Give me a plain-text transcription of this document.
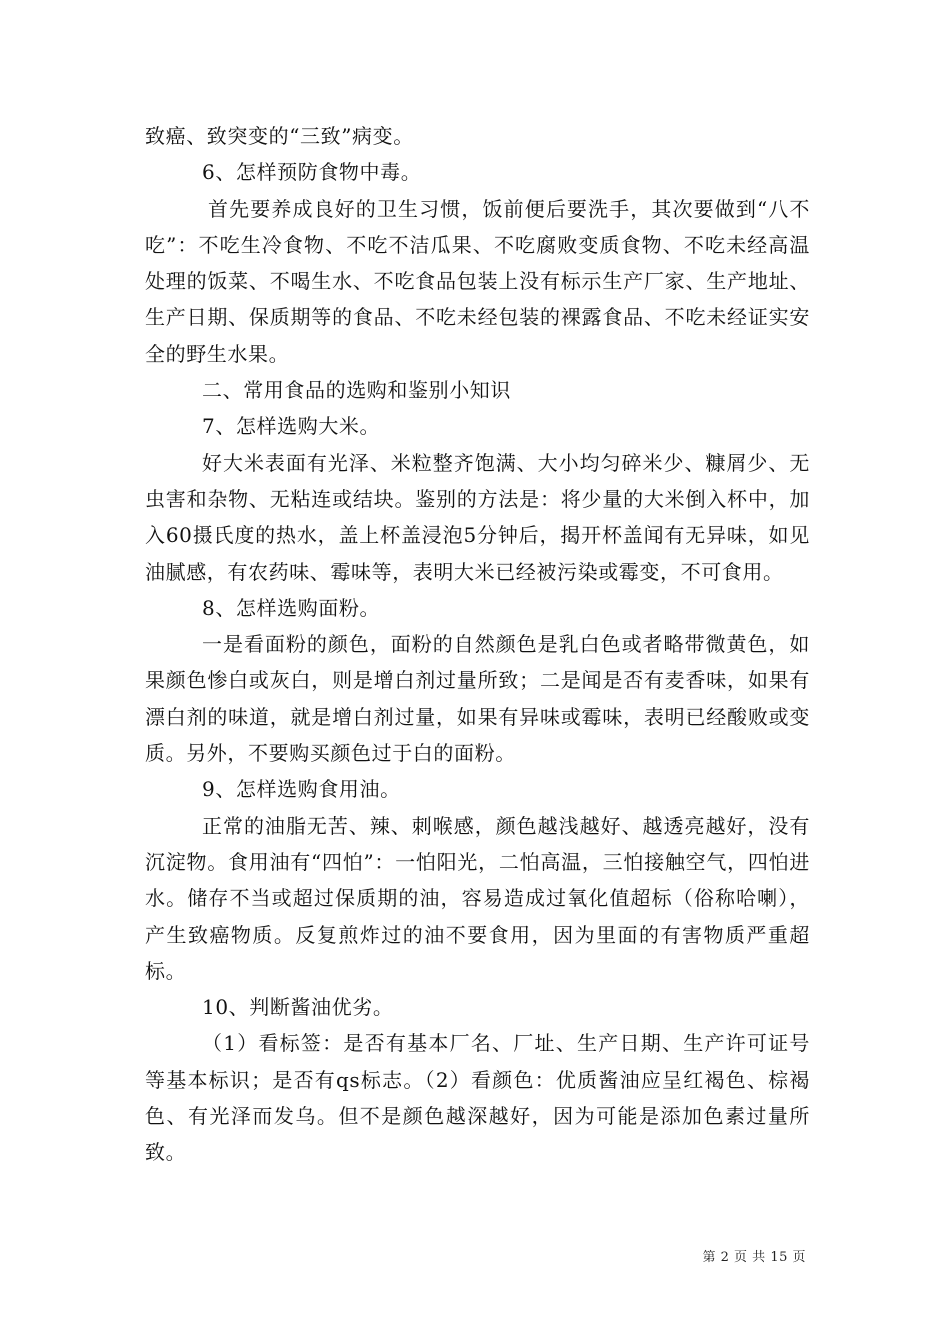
致癌、致突变的“三致”病变。

6、怎样预防食物中毒。

首先要养成良好的卫生习惯，饭前便后要洗手，其次要做到“八不吃”：不吃生冷食物、不吃不洁瓜果、不吃腐败变质食物、不吃未经高温处理的饭菜、不喝生水、不吃食品包装上没有标示生产厂家、生产地址、生产日期、保质期等的食品、不吃未经包装的裸露食品、不吃未经证实安全的野生水果。

二、常用食品的选购和鉴别小知识

7、怎样选购大米。

好大米表面有光泽、米粒整齐饱满、大小均匀碎米少、糠屑少、无虫害和杂物、无粘连或结块。鉴别的方法是：将少量的大米倒入杯中，加入60摄氏度的热水，盖上杯盖浸泡5分钟后，揭开杯盖闻有无异味，如见油腻感，有农药味、霉味等，表明大米已经被污染或霉变，不可食用。

8、怎样选购面粉。

一是看面粉的颜色，面粉的自然颜色是乳白色或者略带微黄色，如果颜色惨白或灰白，则是增白剂过量所致；二是闻是否有麦香味，如果有漂白剂的味道，就是增白剂过量，如果有异味或霉味，表明已经酸败或变质。另外，不要购买颜色过于白的面粉。

9、怎样选购食用油。

正常的油脂无苦、辣、刺喉感，颜色越浅越好、越透亮越好，没有沉淀物。食用油有“四怕”：一怕阳光，二怕高温，三怕接触空气，四怕进水。储存不当或超过保质期的油，容易造成过氧化值超标（俗称哈喇），产生致癌物质。反复煎炸过的油不要食用，因为里面的有害物质严重超标。

10、判断酱油优劣。

（1）看标签：是否有基本厂名、厂址、生产日期、生产许可证号等基本标识；是否有qs标志。（2）看颜色：优质酱油应呈红褐色、棕褐色、有光泽而发乌。但不是颜色越深越好，因为可能是添加色素过量所致。

第 2 页 共 15 页
